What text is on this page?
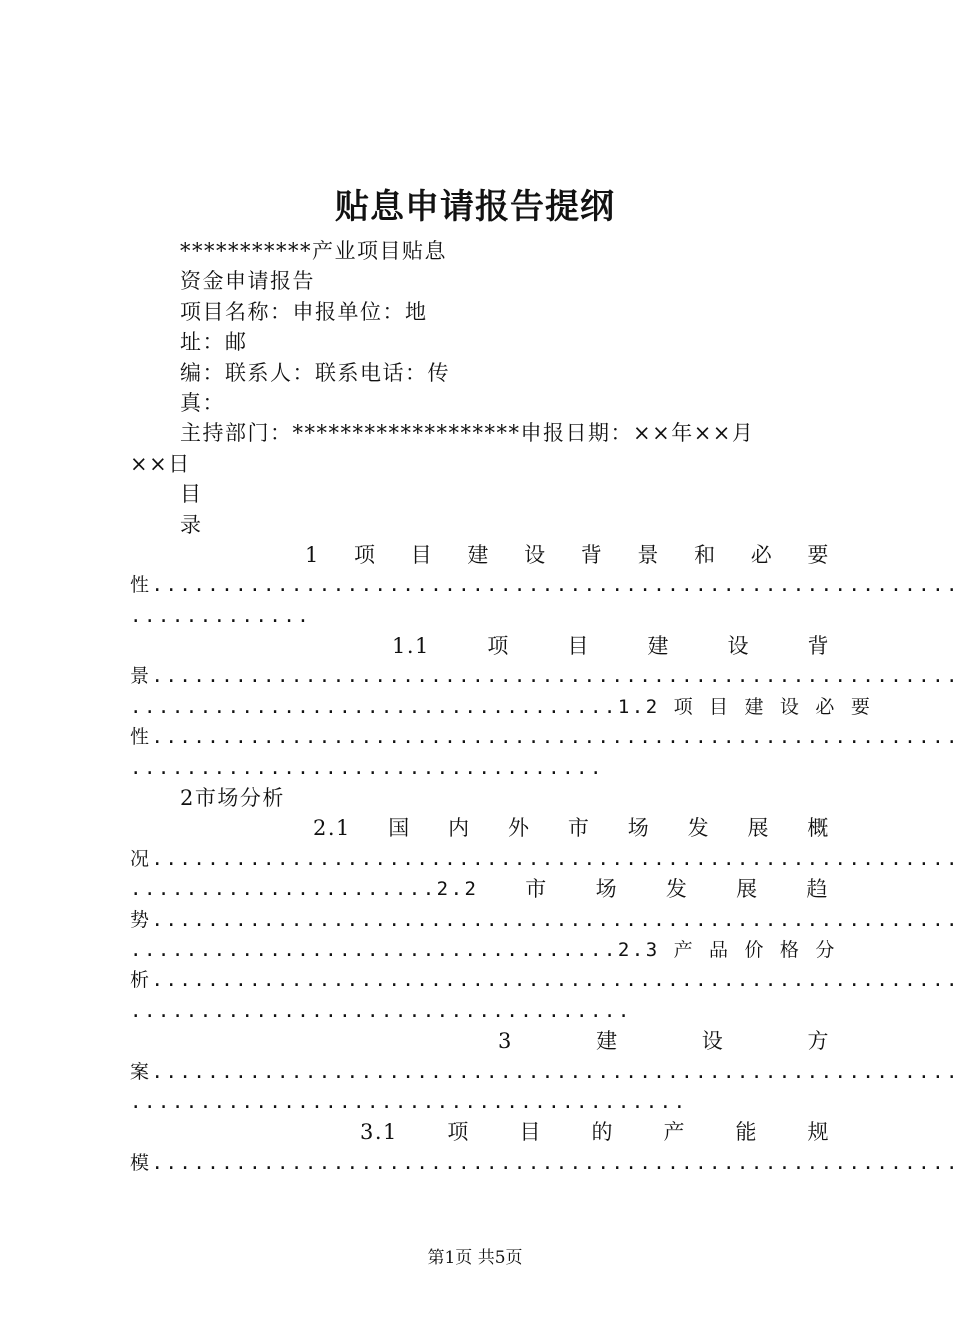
贴息申请报告提纲
***********产业项目贴息
资金申请报告
项目名称：申报单位：地
址：邮
编：联系人：联系电话：传
真：
主持部门：*******************申报日期：××年××月
××日
目
录
1 项 目 建 设 背 景 和 必 要
性..........................................................
.............
1.1	项	目	建	设	背
景..........................................................
...................................1.2 项 目 建 设 必 要
性..........................................................
..................................
2市场分析
2.1 国 内 外 市 场 发 展 概
况..........................................................
......................2.2 市 场 发 展 趋
势..........................................................
...................................2.3 产 品 价 格 分
析..........................................................
....................................
3	建	设	方
案..........................................................
........................................
3.1 项 目 的 产 能 规
模..........................................................
第1页 共5页
